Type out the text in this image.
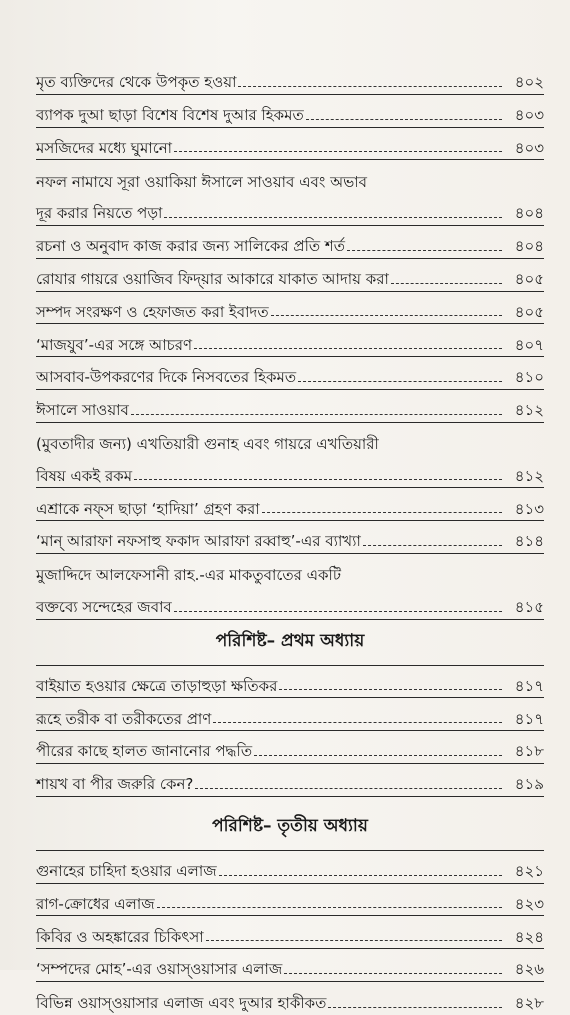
মৃত ব্যক্তিদের থেকে উপকৃত হওয়া	৪০২
ব্যাপক দুআ ছাড়া বিশেষ বিশেষ দুআর হিকমত	৪০৩
মসজিদের মধ্যে ঘুমানো	৪০৩
নফল নামাযে সূরা ওয়াকিয়া ঈসালে সাওয়াব এবং অভাব
দূর করার নিয়তে পড়া	৪০৪
রচনা ও অনুবাদ কাজ করার জন্য সালিকের প্রতি শর্ত	৪০৪
রোযার গায়রে ওয়াজিব ফিদ্য়ার আকারে যাকাত আদায় করা	৪০৫
সম্পদ সংরক্ষণ ও হেফাজত করা ইবাদত	৪০৫
‘মাজযুব’-এর সঙ্গে আচরণ	৪০৭
আসবাব-উপকরণের দিকে নিসবতের হিকমত	৪১০
ঈসালে সাওয়াব	৪১২
(মুবতাদীর জন্য) এখতিয়ারী গুনাহ এবং গায়রে এখতিয়ারী
বিষয় একই রকম	৪১২
এশ্রাকে নফ্‌স ছাড়া ‘হাদিয়া’ গ্রহণ করা	৪১৩
‘মান্ আরাফা নফসাহু ফকাদ আরাফা রব্বাহু’-এর ব্যাখ্যা	৪১৪
মুজাদ্দিদে আলফেসানী রাহ.-এর মাকতুবাতের একটি
বক্তব্যে সন্দেহের জবাব	৪১৫
পরিশিষ্ট– প্রথম অধ্যায়
বাইয়াত হওয়ার ক্ষেত্রে তাড়াহুড়া ক্ষতিকর	৪১৭
রূহে তরীক বা তরীকতের প্রাণ	৪১৭
পীরের কাছে হালত জানানোর পদ্ধতি	৪১৮
শায়খ বা পীর জরুরি কেন?	৪১৯
পরিশিষ্ট– তৃতীয় অধ্যায়
গুনাহের চাহিদা হওয়ার এলাজ	৪২১
রাগ-ক্রোধের এলাজ	৪২৩
কিবির ও অহঙ্কারের চিকিৎসা	৪২৪
‘সম্পদের মোহ’-এর ওয়াস্‌ওয়াসার এলাজ	৪২৬
বিভিন্ন ওয়াস্‌ওয়াসার এলাজ এবং দুআর হাকীকত	৪২৮
